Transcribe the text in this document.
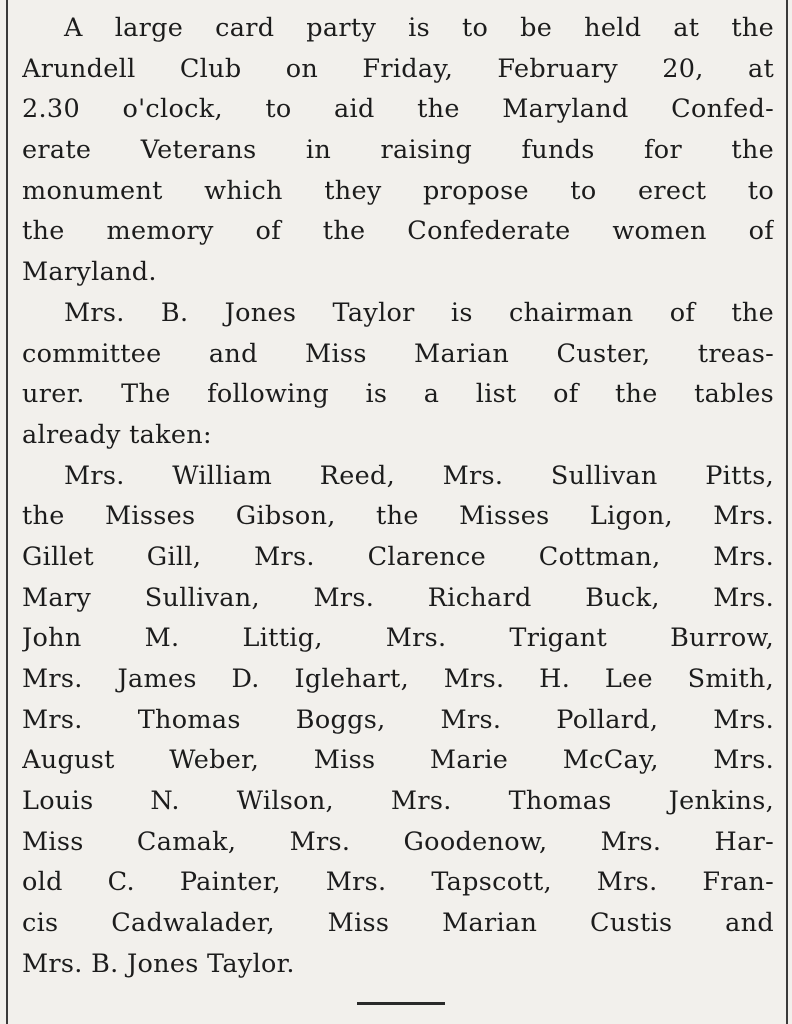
A large card party is to be held at the
Arundell Club on Friday, February 20, at
2.30 o'clock, to aid the Maryland Confed-
erate Veterans in raising funds for the
monument which they propose to erect to
the memory of the Confederate women of
Maryland.
Mrs. B. Jones Taylor is chairman of the
committee and Miss Marian Custer, treas-
urer. The following is a list of the tables
already taken:
Mrs. William Reed, Mrs. Sullivan Pitts,
the Misses Gibson, the Misses Ligon, Mrs.
Gillet Gill, Mrs. Clarence Cottman, Mrs.
Mary Sullivan, Mrs. Richard Buck, Mrs.
John M. Littig, Mrs. Trigant Burrow,
Mrs. James D. Iglehart, Mrs. H. Lee Smith,
Mrs. Thomas Boggs, Mrs. Pollard, Mrs.
August Weber, Miss Marie McCay, Mrs.
Louis N. Wilson, Mrs. Thomas Jenkins,
Miss Camak, Mrs. Goodenow, Mrs. Har-
old C. Painter, Mrs. Tapscott, Mrs. Fran-
cis Cadwalader, Miss Marian Custis and
Mrs. B. Jones Taylor.
